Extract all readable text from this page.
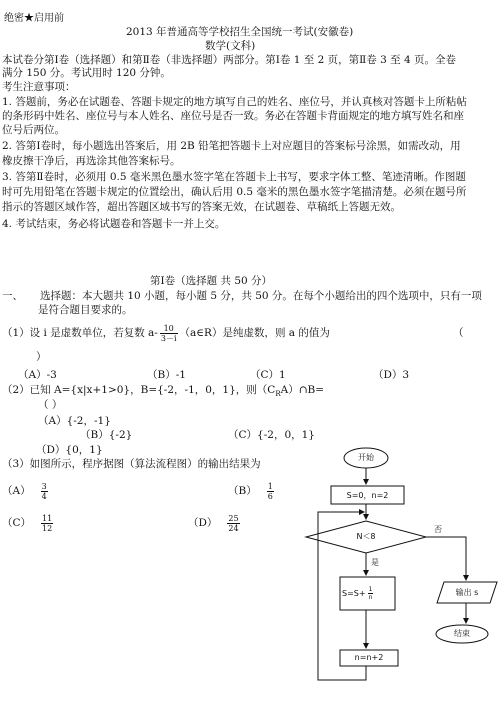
绝密★启用前
2013 年普通高等学校招生全国统一考试(安徽卷)
数学(文科)
本试卷分第Ⅰ卷（选择题）和第Ⅱ卷（非选择题）两部分。第Ⅰ卷 1 至 2 页，第Ⅱ卷 3 至 4 页。全卷
满分 150 分。考试用时 120 分钟。
考生注意事项：
1. 答题前，务必在试题卷、答题卡规定的地方填写自己的姓名、座位号，并认真核对答题卡上所粘帖
的条形码中姓名、座位号与本人姓名、座位号是否一致。务必在答题卡背面规定的地方填写姓名和座
位号后两位。
2. 答第Ⅰ卷时，每小题选出答案后，用 2B 铅笔把答题卡上对应题目的答案标号涂黑，如需改动，用
橡皮擦干净后，再选涂其他答案标号。
3. 答第Ⅱ卷时，必须用 0.5 毫米黑色墨水签字笔在答题卡上书写，要求字体工整、笔迹清晰。作图题
时可先用铅笔在答题卡规定的位置绘出，确认后用 0.5 毫米的黑色墨水签字笔描清楚。必须在题号所
指示的答题区域作答，超出答题区域书写的答案无效，在试题卷、草稿纸上答题无效。
4. 考试结束，务必将试题卷和答题卡一并上交。
第Ⅰ卷（选择题 共 50 分）
一、 选择题：本大题共 10 小题，每小题 5 分，共 50 分。在每个小题给出的四个选项中，只有一项
是符合题目要求的。
（1）设 i 是虚数单位，若复数 $a- \frac{10}{3-i}$ （a∈R）是纯虚数，则 a 的值为	（
）
（A）-3	（B）-1	（C）1	（D）3
（2）已知 A={x|x+1>0}，B={-2，-1，0，1}，则$(C_RA)\cap B=$
（ ）
（A）{-2，-1}
（B）{-2}	（C）{-2，0，1}
（D）{0，1}
（3）如图所示，程序据图（算法流程图）的输出结果为
$(A) \frac{3}{4}$	$(B) \frac{1}{6}$
$(C) \frac{11}{12}$	$(D) \frac{25}{24}$
开始
S=0，n=2
N＜8
否
是
$S=S+ \frac{1}{n}$	输出 s
结束
n=n+2
